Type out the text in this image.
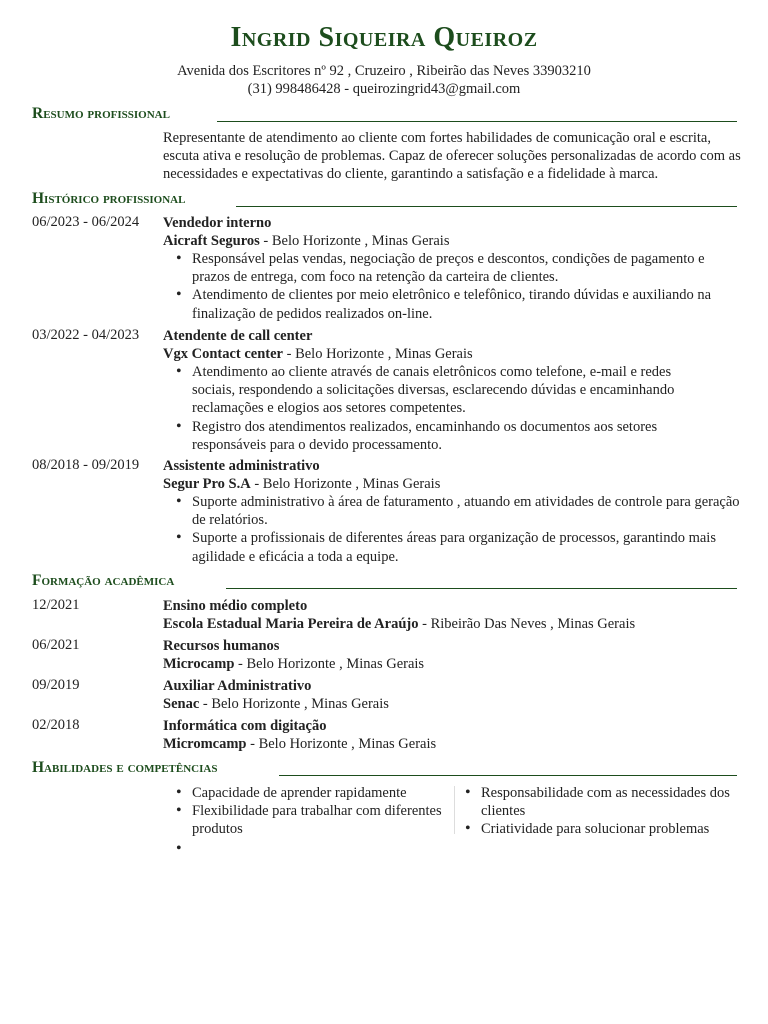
Ingrid Siqueira Queiroz
Avenida dos Escritores nº 92 , Cruzeiro , Ribeirão das Neves 33903210
(31) 998486428 - queirozingrid43@gmail.com
Resumo profissional
Representante de atendimento ao cliente com fortes habilidades de comunicação oral e escrita, escuta ativa e resolução de problemas. Capaz de oferecer soluções personalizadas de acordo com as necessidades e expectativas do cliente, garantindo a satisfação e a fidelidade à marca.
Histórico profissional
06/2023 - 06/2024 Vendedor interno
Aicraft Seguros - Belo Horizonte , Minas Gerais
• Responsável pelas vendas, negociação de preços e descontos, condições de pagamento e prazos de entrega, com foco na retenção da carteira de clientes.
• Atendimento de clientes por meio eletrônico e telefônico, tirando dúvidas e auxiliando na finalização de pedidos realizados on-line.
03/2022 - 04/2023 Atendente de call center
Vgx Contact center - Belo Horizonte , Minas Gerais
• Atendimento ao cliente através de canais eletrônicos como telefone, e-mail e redes sociais, respondendo a solicitações diversas, esclarecendo dúvidas e encaminhando reclamações e elogios aos setores competentes.
• Registro dos atendimentos realizados, encaminhando os documentos aos setores responsáveis para o devido processamento.
08/2018 - 09/2019 Assistente administrativo
Segur Pro S.A - Belo Horizonte , Minas Gerais
• Suporte administrativo à área de faturamento , atuando em atividades de controle para geração de relatórios.
• Suporte a profissionais de diferentes áreas para organização de processos, garantindo mais agilidade e eficácia a toda a equipe.
Formação acadêmica
12/2021	Ensino médio completo
Escola Estadual Maria Pereira de Araújo - Ribeirão Das Neves , Minas Gerais
06/2021	Recursos humanos
Microcamp - Belo Horizonte , Minas Gerais
09/2019	Auxiliar Administrativo
Senac - Belo Horizonte , Minas Gerais
02/2018	Informática com digitação
Micromcamp - Belo Horizonte , Minas Gerais
Habilidades e competências
• Capacidade de aprender rapidamente
• Flexibilidade para trabalhar com diferentes produtos
•
• Responsabilidade com as necessidades dos clientes
• Criatividade para solucionar problemas
